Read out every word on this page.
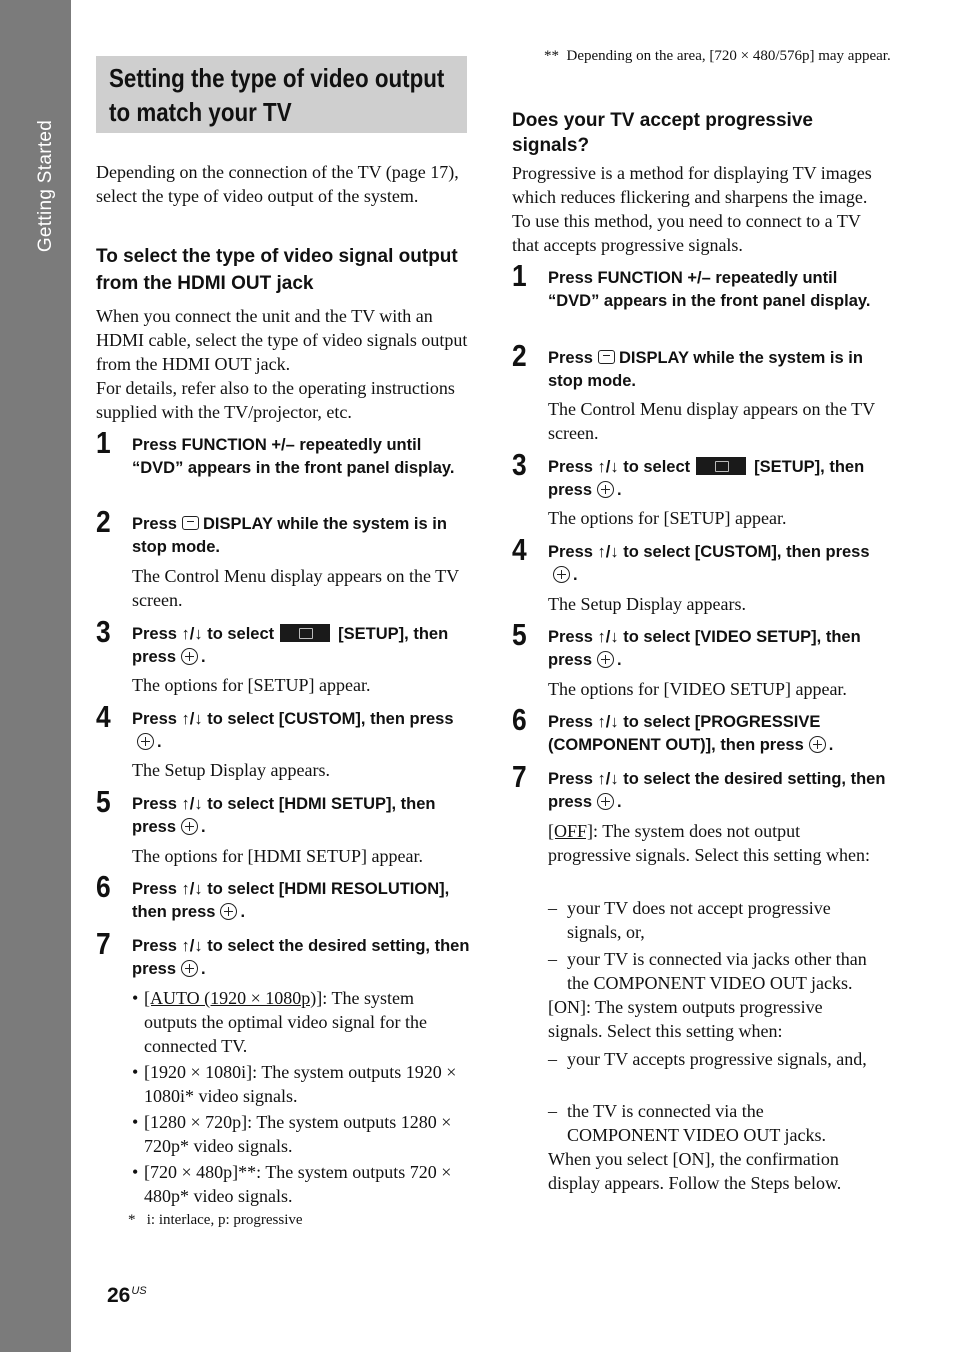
Getting Started
Setting the type of video output to match your TV
Depending on the connection of the TV (page 17), select the type of video output of the system.
To select the type of video signal output from the HDMI OUT jack
When you connect the unit and the TV with an HDMI cable, select the type of video signals output from the HDMI OUT jack.
For details, refer also to the operating instructions supplied with the TV/projector, etc.
1 Press FUNCTION +/– repeatedly until “DVD” appears in the front panel display.
2 Press DISPLAY while the system is in stop mode.
The Control Menu display appears on the TV screen.
3 Press ↑/↓ to select	[SETUP], then press .
The options for [SETUP] appear.
4 Press ↑/↓ to select [CUSTOM], then press.
The Setup Display appears.
5 Press ↑/↓ to select [HDMI SETUP], then press .
The options for [HDMI SETUP] appear.
6 Press ↑/↓ to select [HDMI RESOLUTION], then press .
7 Press ↑/↓ to select the desired setting, then press .
• [AUTO (1920 × 1080p)]: The system outputs the optimal video signal for the connected TV.
• [1920 × 1080i]: The system outputs 1920 × 1080i* video signals.
• [1280 × 720p]: The system outputs 1280 × 720p* video signals.
• [720 × 480p]**: The system outputs 720 × 480p* video signals.
*   i: interlace, p: progressive
**  Depending on the area, [720 × 480/576p] may appear.
Does your TV accept progressive signals?
Progressive is a method for displaying TV images which reduces flickering and sharpens the image. To use this method, you need to connect to a TV that accepts progressive signals.
1 Press FUNCTION +/– repeatedly until “DVD” appears in the front panel display.
2 Press DISPLAY while the system is in stop mode.
The Control Menu display appears on the TV screen.
3 Press ↑/↓ to select	[SETUP], then press .
The options for [SETUP] appear.
4 Press ↑/↓ to select [CUSTOM], then press.
The Setup Display appears.
5 Press ↑/↓ to select [VIDEO SETUP], then press .
The options for [VIDEO SETUP] appear.
6 Press ↑/↓ to select [PROGRESSIVE (COMPONENT OUT)], then press .
7 Press ↑/↓ to select the desired setting, then press .
[OFF]: The system does not output progressive signals. Select this setting when:
– your TV does not accept progressive signals, or,
– your TV is connected via jacks other than the COMPONENT VIDEO OUT jacks.
[ON]: The system outputs progressive signals. Select this setting when:
– your TV accepts progressive signals, and,
– the TV is connected via the COMPONENT VIDEO OUT jacks.
When you select [ON], the confirmation display appears. Follow the Steps below.
$26^{US}$
